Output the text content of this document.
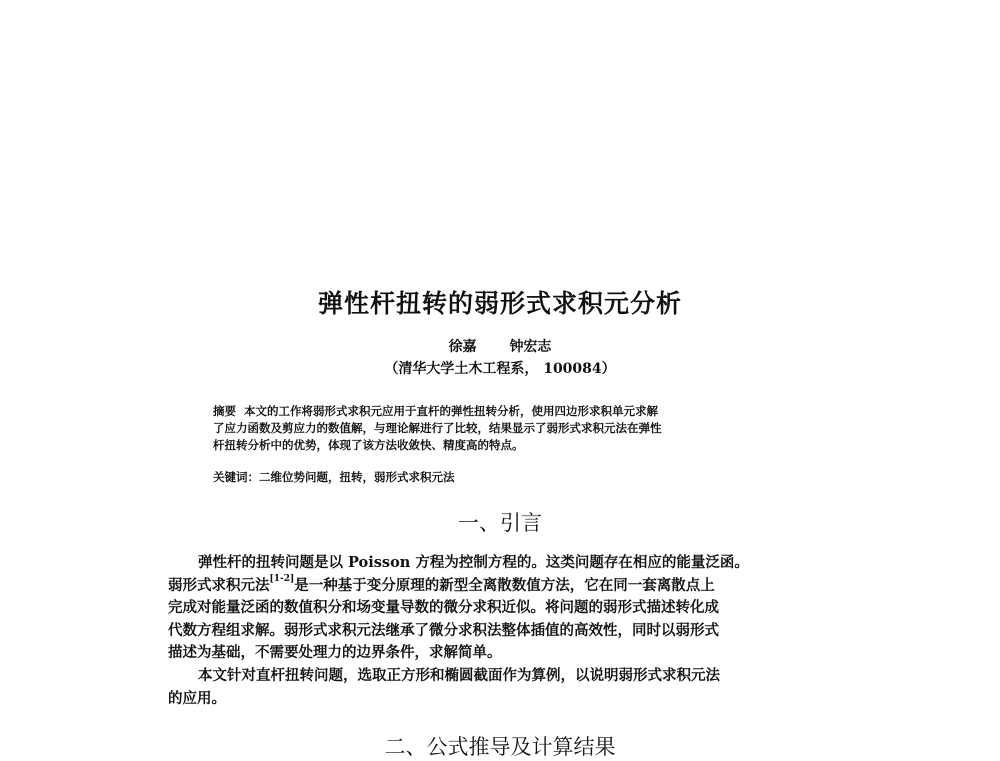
弹性杆扭转的弱形式求积元分析
徐嘉 钟宏志
（清华大学土木工程系， 100084）
摘要 本文的工作将弱形式求积元应用于直杆的弹性扭转分析，使用四边形求积单元求解
了应力函数及剪应力的数值解，与理论解进行了比较，结果显示了弱形式求积元法在弹性
杆扭转分析中的优势，体现了该方法收敛快、精度高的特点。
关键词：二维位势问题，扭转，弱形式求积元法
一、引言
弹性杆的扭转问题是以 Poisson 方程为控制方程的。这类问题存在相应的能量泛函。
弱形式求积元法[1-2]是一种基于变分原理的新型全离散数值方法，它在同一套离散点上
完成对能量泛函的数值积分和场变量导数的微分求积近似。将问题的弱形式描述转化成
代数方程组求解。弱形式求积元法继承了微分求积法整体插值的高效性，同时以弱形式
描述为基础，不需要处理力的边界条件，求解简单。
本文针对直杆扭转问题，选取正方形和椭圆截面作为算例，以说明弱形式求积元法
的应用。
二、公式推导及计算结果
